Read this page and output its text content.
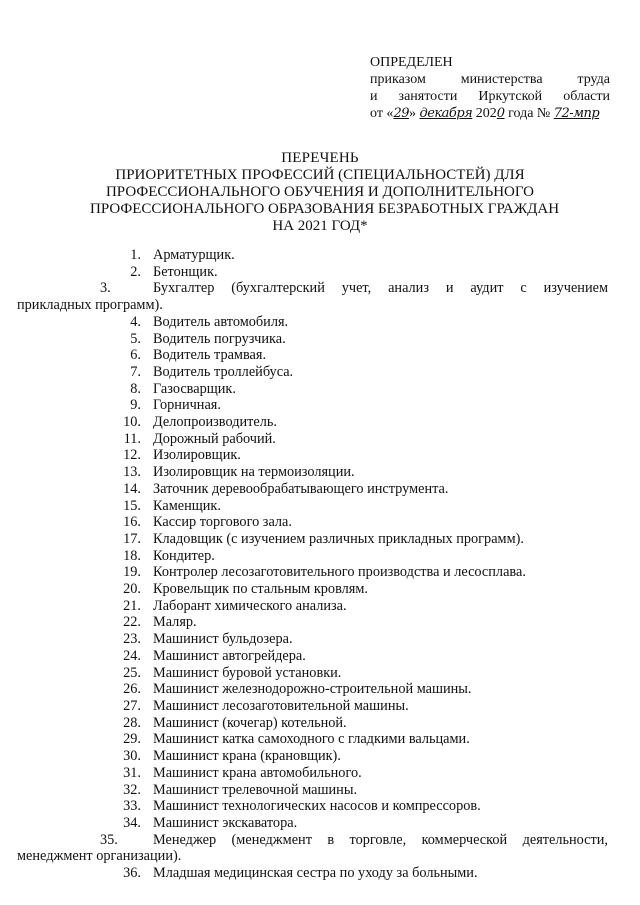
ОПРЕДЕЛЕН
приказом министерства труда
и занятости Иркутской области
от «29» декабря 2020 года № 72-мпр
ПЕРЕЧЕНЬ
ПРИОРИТЕТНЫХ ПРОФЕССИЙ (СПЕЦИАЛЬНОСТЕЙ) ДЛЯ
ПРОФЕССИОНАЛЬНОГО ОБУЧЕНИЯ И ДОПОЛНИТЕЛЬНОГО
ПРОФЕССИОНАЛЬНОГО ОБРАЗОВАНИЯ БЕЗРАБОТНЫХ ГРАЖДАН
НА 2021 ГОД*
1. Арматурщик.
2. Бетонщик.
3.	Бухгалтер (бухгалтерский учет, анализ и аудит с изучением
прикладных программ).
4. Водитель автомобиля.
5. Водитель погрузчика.
6. Водитель трамвая.
7. Водитель троллейбуса.
8. Газосварщик.
9. Горничная.
10. Делопроизводитель.
11. Дорожный рабочий.
12. Изолировщик.
13. Изолировщик на термоизоляции.
14. Заточник деревообрабатывающего инструмента.
15. Каменщик.
16. Кассир торгового зала.
17. Кладовщик (с изучением различных прикладных программ).
18. Кондитер.
19. Контролер лесозаготовительного производства и лесосплава.
20. Кровельщик по стальным кровлям.
21. Лаборант химического анализа.
22. Маляр.
23. Машинист бульдозера.
24. Машинист автогрейдера.
25. Машинист буровой установки.
26. Машинист железнодорожно-строительной машины.
27. Машинист лесозаготовительной машины.
28. Машинист (кочегар) котельной.
29. Машинист катка самоходного с гладкими вальцами.
30. Машинист крана (крановщик).
31. Машинист крана автомобильного.
32. Машинист трелевочной машины.
33. Машинист технологических насосов и компрессоров.
34. Машинист экскаватора.
35.	Менеджер (менеджмент в торговле, коммерческой деятельности,
менеджмент организации).
36. Младшая медицинская сестра по уходу за больными.
